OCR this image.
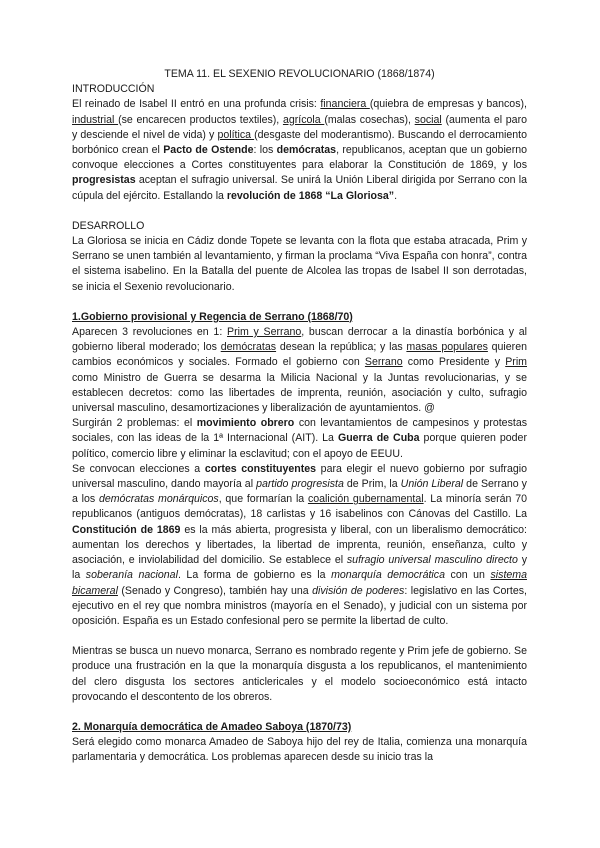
TEMA 11. EL SEXENIO REVOLUCIONARIO (1868/1874)
INTRODUCCIÓN

El reinado de Isabel II entró en una profunda crisis: financiera (quiebra de empresas y bancos), industrial (se encarecen productos textiles), agrícola (malas cosechas), social (aumenta el paro y desciende el nivel de vida) y política (desgaste del moderantismo). Buscando el derrocamiento borbónico crean el Pacto de Ostende: los demócratas, republicanos, aceptan que un gobierno convoque elecciones a Cortes constituyentes para elaborar la Constitución de 1869, y los progresistas aceptan el sufragio universal. Se unirá la Unión Liberal dirigida por Serrano con la cúpula del ejército. Estallando la revolución de 1868 “La Gloriosa”.

DESARROLLO

La Gloriosa se inicia en Cádiz donde Topete se levanta con la flota que estaba atracada, Prim y Serrano se unen también al levantamiento, y firman la proclama “Viva España con honra”, contra el sistema isabelino. En la Batalla del puente de Alcolea las tropas de Isabel II son derrotadas, se inicia el Sexenio revolucionario.

1.Gobierno provisional y Regencia de Serrano (1868/70)

Aparecen 3 revoluciones en 1: Prim y Serrano, buscan derrocar a la dinastía borbónica y al gobierno liberal moderado; los demócratas desean la república; y las masas populares quieren cambios económicos y sociales. Formado el gobierno con Serrano como Presidente y Prim como Ministro de Guerra se desarma la Milicia Nacional y la Juntas revolucionarias, y se establecen decretos: como las libertades de imprenta, reunión, asociación y culto, sufragio universal masculino, desamortizaciones y liberalización de ayuntamientos. @

Surgirán 2 problemas: el movimiento obrero con levantamientos de campesinos y protestas sociales, con las ideas de la 1ª Internacional (AIT). La Guerra de Cuba porque quieren poder político, comercio libre y eliminar la esclavitud; con el apoyo de EEUU.

Se convocan elecciones a cortes constituyentes para elegir el nuevo gobierno por sufragio universal masculino, dando mayoría al partido progresista de Prim, la Unión Liberal de Serrano y a los demócratas monárquicos, que formarían la coalición gubernamental. La minoría serán 70 republicanos (antiguos demócratas), 18 carlistas y 16 isabelinos con Cánovas del Castillo. La Constitución de 1869 es la más abierta, progresista y liberal, con un liberalismo democrático: aumentan los derechos y libertades, la libertad de imprenta, reunión, enseñanza, culto y asociación, e inviolabilidad del domicilio. Se establece el sufragio universal masculino directo y la soberanía nacional. La forma de gobierno es la monarquía democrática con un sistema bicameral (Senado y Congreso), también hay una división de poderes: legislativo en las Cortes, ejecutivo en el rey que nombra ministros (mayoría en el Senado), y judicial con un sistema por oposición. España es un Estado confesional pero se permite la libertad de culto.

Mientras se busca un nuevo monarca, Serrano es nombrado regente y Prim jefe de gobierno. Se produce una frustración en la que la monarquía disgusta a los republicanos, el mantenimiento del clero disgusta los sectores anticlericales y el modelo socioeconómico está intacto provocando el descontento de los obreros.

2. Monarquía democrática de Amadeo Saboya (1870/73)

Será elegido como monarca Amadeo de Saboya hijo del rey de Italia, comienza una monarquía parlamentaria y democrática. Los problemas aparecen desde su inicio tras la
